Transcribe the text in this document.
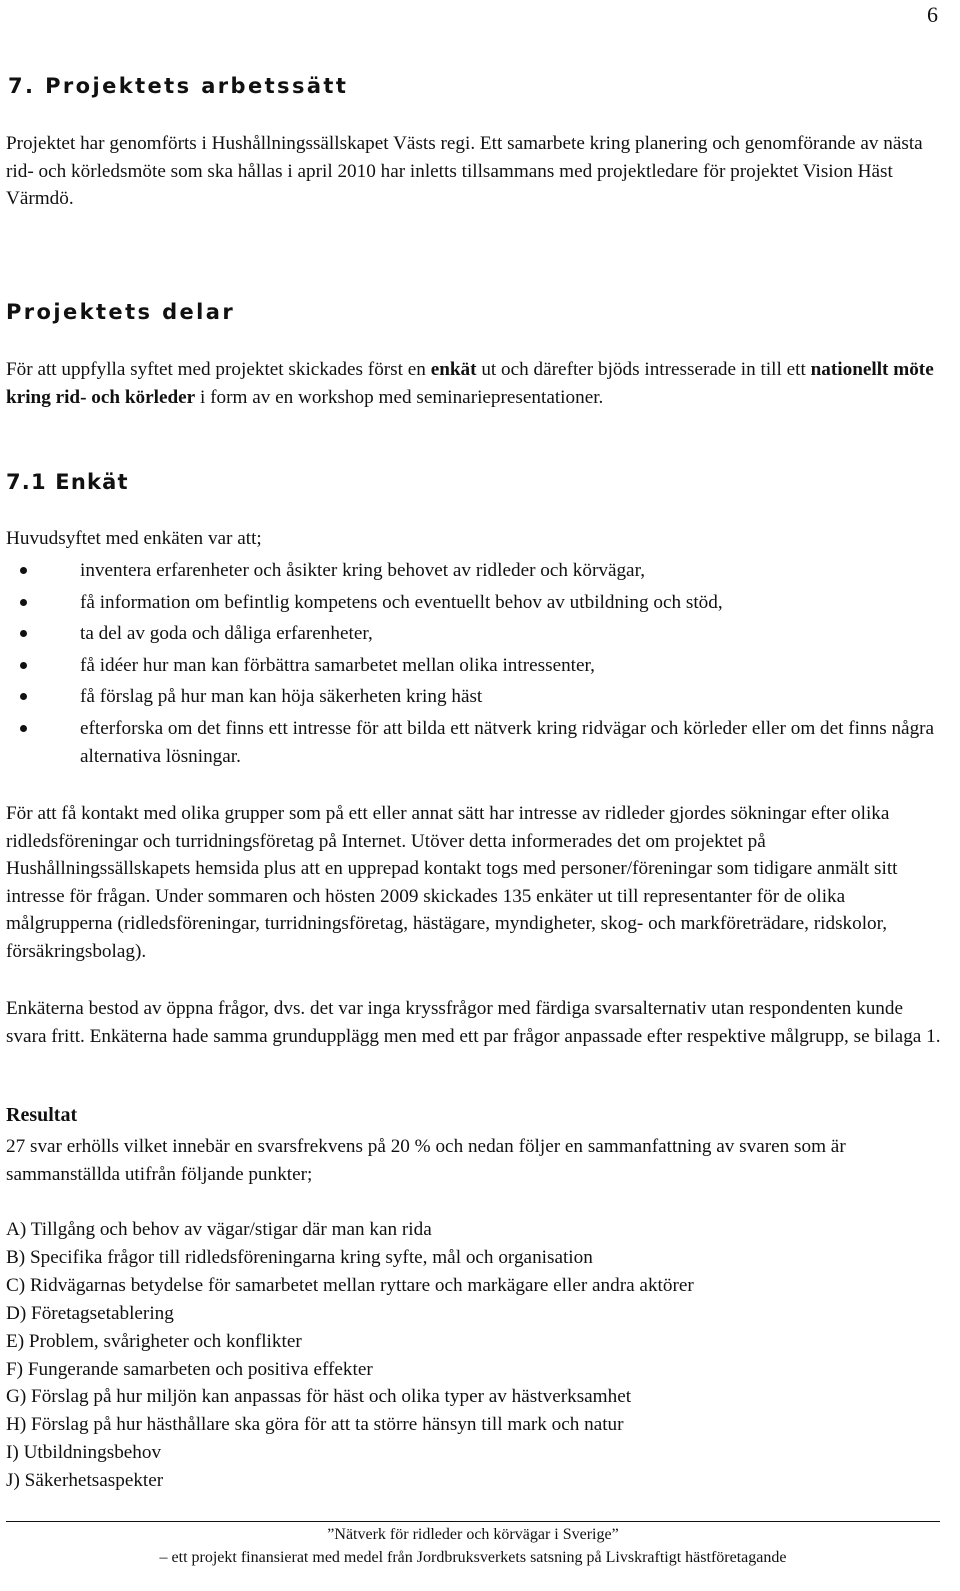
6
7. Projektets arbetssätt

Projektet har genomförts i Hushållningssällskapet Västs regi. Ett samarbete kring planering och genomförande av nästa rid- och körledsmöte som ska hållas i april 2010 har inletts tillsammans med projektledare för projektet Vision Häst Värmdö.

Projektets delar

För att uppfylla syftet med projektet skickades först en enkät ut och därefter bjöds intresserade in till ett nationellt möte kring rid- och körleder i form av en workshop med seminariepresentationer.

7.1 Enkät

Huvudsyftet med enkäten var att;

inventera erfarenheter och åsikter kring behovet av ridleder och körvägar,
få information om befintlig kompetens och eventuellt behov av utbildning och stöd,
ta del av goda och dåliga erfarenheter,
få idéer hur man kan förbättra samarbetet mellan olika intressenter,
få förslag på hur man kan höja säkerheten kring häst
efterforska om det finns ett intresse för att bilda ett nätverk kring ridvägar och körleder eller om det finns några alternativa lösningar.

För att få kontakt med olika grupper som på ett eller annat sätt har intresse av ridleder gjordes sökningar efter olika ridledsföreningar och turridningsföretag på Internet. Utöver detta informerades det om projektet på Hushållningssällskapets hemsida plus att en upprepad kontakt togs med personer/föreningar som tidigare anmält sitt intresse för frågan. Under sommaren och hösten 2009 skickades 135 enkäter ut till representanter för de olika målgrupperna (ridledsföreningar, turridningsföretag, hästägare, myndigheter, skog- och markföreträdare, ridskolor, försäkringsbolag).

Enkäterna bestod av öppna frågor, dvs. det var inga kryssfrågor med färdiga svarsalternativ utan respondenten kunde svara fritt. Enkäterna hade samma grundupplägg men med ett par frågor anpassade efter respektive målgrupp, se bilaga 1.

Resultat

27 svar erhölls vilket innebär en svarsfrekvens på 20 % och nedan följer en sammanfattning av svaren som är sammanställda utifrån följande punkter;

A) Tillgång och behov av vägar/stigar där man kan rida
B) Specifika frågor till ridledsföreningarna kring syfte, mål och organisation
C) Ridvägarnas betydelse för samarbetet mellan ryttare och markägare eller andra aktörer
D) Företagsetablering
E) Problem, svårigheter och konflikter
F) Fungerande samarbeten och positiva effekter
G) Förslag på hur miljön kan anpassas för häst och olika typer av hästverksamhet
H) Förslag på hur hästhållare ska göra för att ta större hänsyn till mark och natur
I) Utbildningsbehov
J) Säkerhetsaspekter
”Nätverk för ridleder och körvägar i Sverige”
– ett projekt finansierat med medel från Jordbruksverkets satsning på Livskraftigt hästföretagande
